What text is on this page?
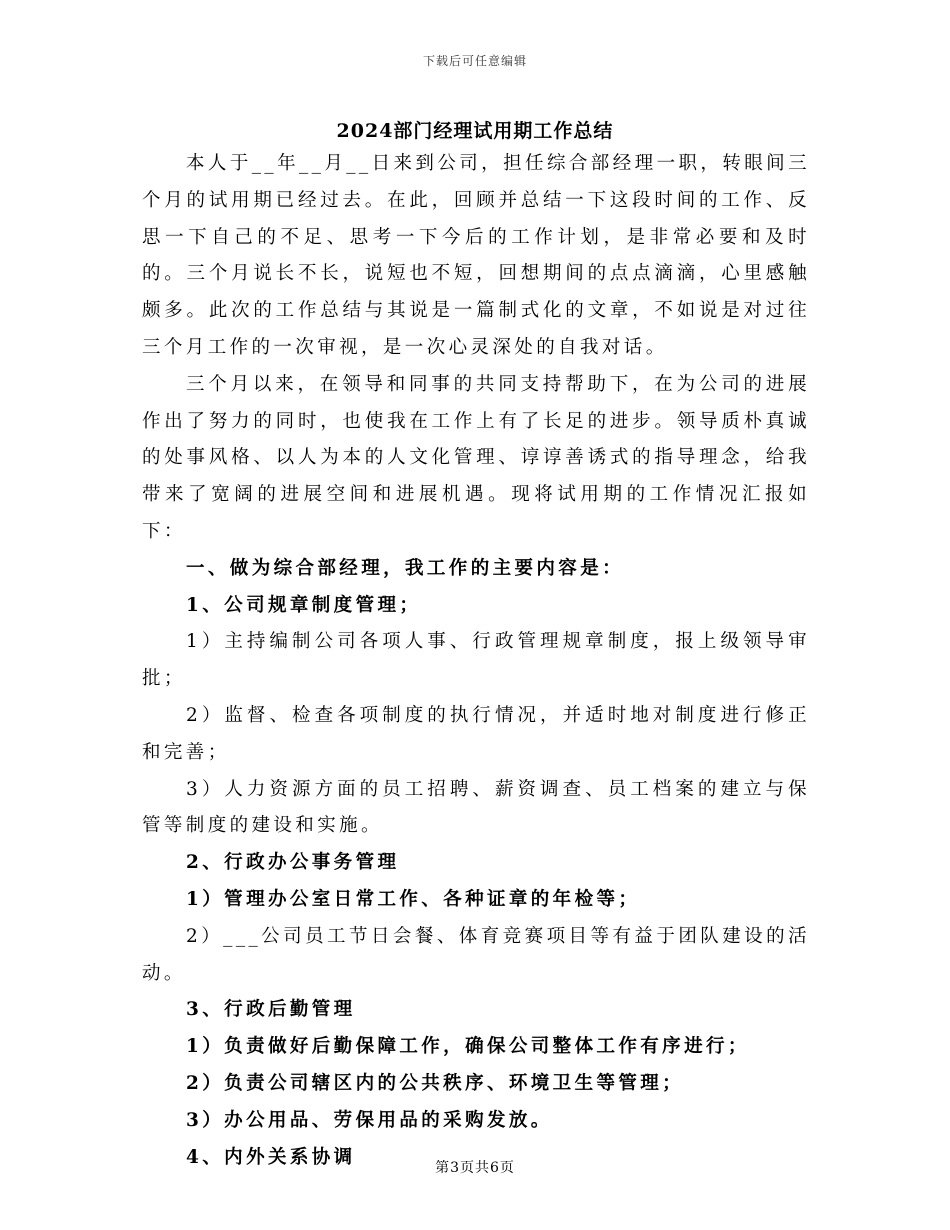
下载后可任意编辑
2024部门经理试用期工作总结

本人于__年__月__日来到公司，担任综合部经理一职，转眼间三个月的试用期已经过去。在此，回顾并总结一下这段时间的工作、反思一下自己的不足、思考一下今后的工作计划，是非常必要和及时的。三个月说长不长，说短也不短，回想期间的点点滴滴，心里感触颇多。此次的工作总结与其说是一篇制式化的文章，不如说是对过往三个月工作的一次审视，是一次心灵深处的自我对话。

三个月以来，在领导和同事的共同支持帮助下，在为公司的进展作出了努力的同时，也使我在工作上有了长足的进步。领导质朴真诚的处事风格、以人为本的人文化管理、谆谆善诱式的指导理念，给我带来了宽阔的进展空间和进展机遇。现将试用期的工作情况汇报如下：

一、做为综合部经理，我工作的主要内容是：

1、公司规章制度管理；

1）主持编制公司各项人事、行政管理规章制度，报上级领导审批；

2）监督、检查各项制度的执行情况，并适时地对制度进行修正和完善；

3）人力资源方面的员工招聘、薪资调查、员工档案的建立与保管等制度的建设和实施。

2、行政办公事务管理

1）管理办公室日常工作、各种证章的年检等；

2）___公司员工节日会餐、体育竞赛项目等有益于团队建设的活动。

3、行政后勤管理

1）负责做好后勤保障工作，确保公司整体工作有序进行；

2）负责公司辖区内的公共秩序、环境卫生等管理；

3）办公用品、劳保用品的采购发放。

4、内外关系协调

第3页共6页
